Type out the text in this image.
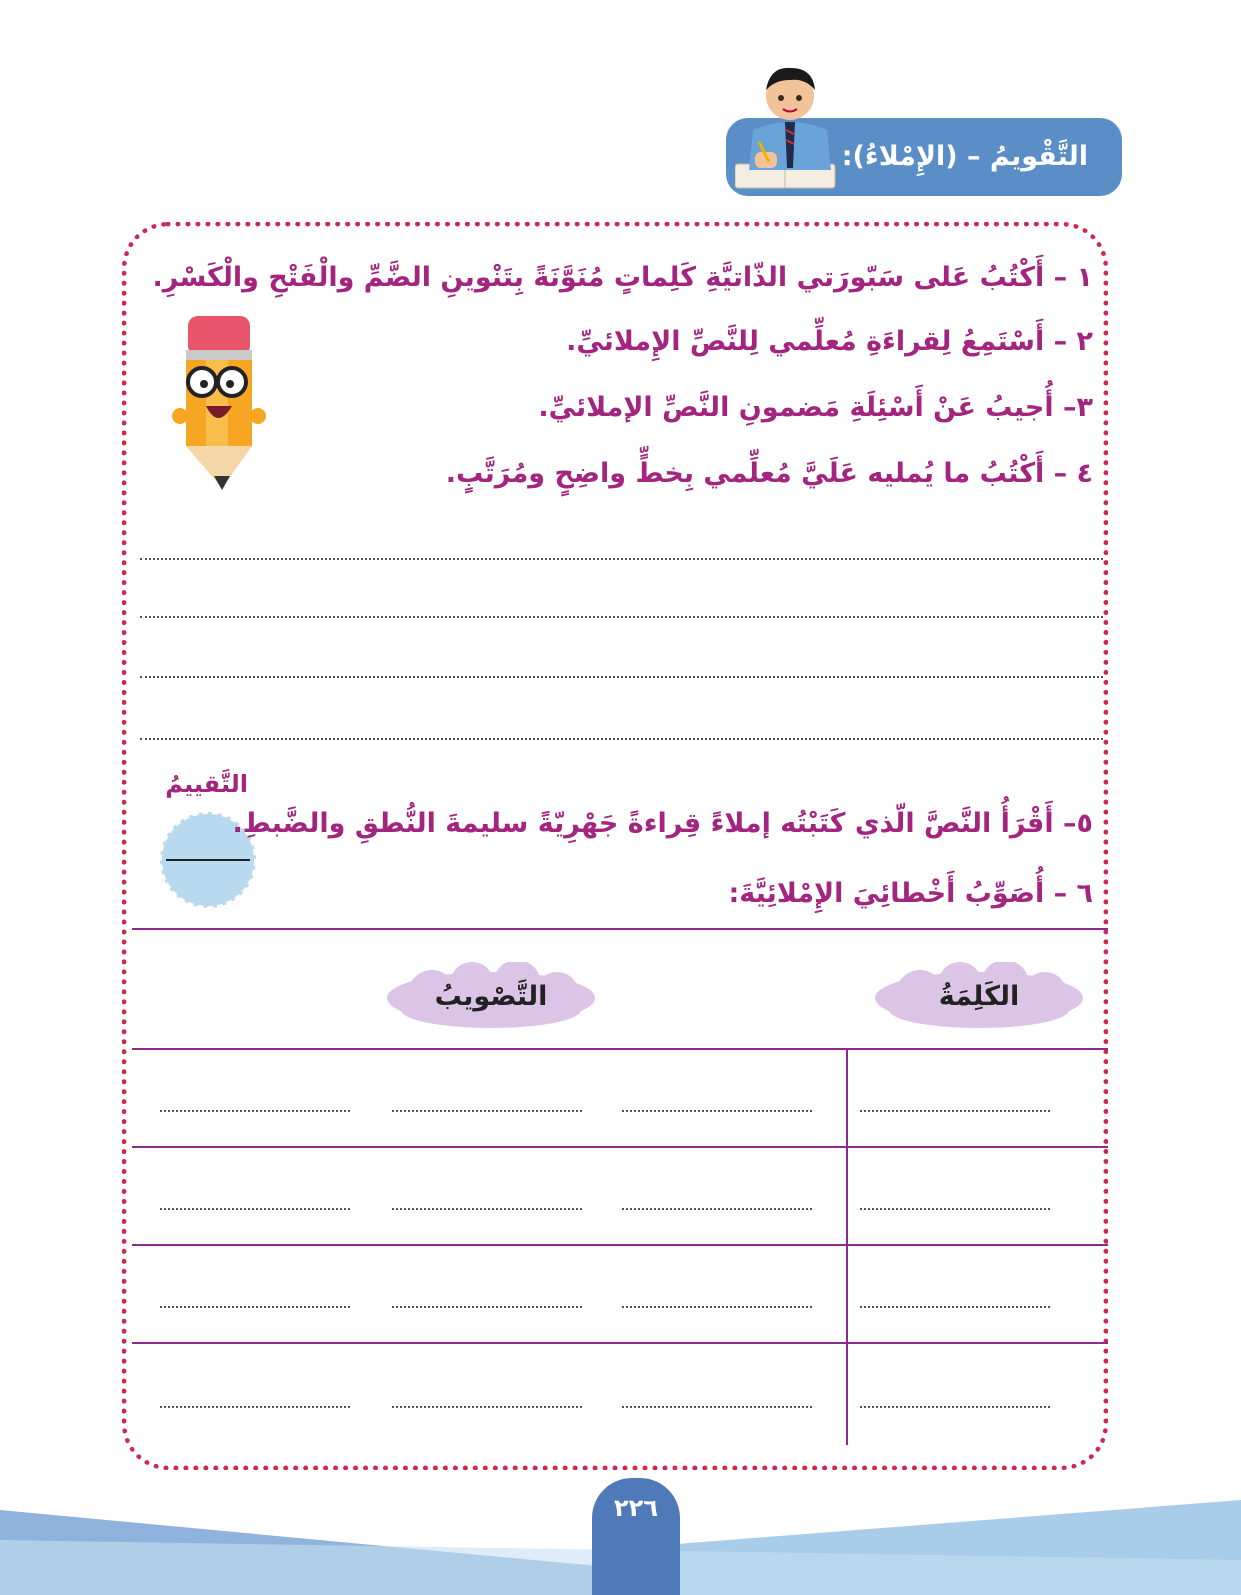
التَّقْويمُ – (الإِمْلاءُ):
١ – أَكْتُبُ عَلى سَبّورَتي الذّاتيَّةِ كَلِماتٍ مُنَوَّنَةً بِتَنْوينِ الضَّمِّ والْفَتْحِ والْكَسْرِ.
٢ – أَسْتَمِعُ لِقراءَةِ مُعلِّمي لِلنَّصِّ الإِملائيِّ.
٣– أُجيبُ عَنْ أَسْئِلَةِ مَضمونِ النَّصِّ الإملائيِّ.
٤ – أَكْتُبُ ما يُمليه عَلَيَّ مُعلِّمي بِخطٍّ واضِحٍ ومُرَتَّبٍ.
التَّقييمُ
٥– أَقْرَأُ النَّصَّ الّذي كَتَبْتُه إملاءً قِراءةً جَهْرِيّةً سليمةَ النُّطقِ والضَّبطِ.
٦ – أُصَوِّبُ أَخْطائِيَ الإِمْلائِيَّةَ:
الكَلِمَةُ
التَّصْويبُ
٢٢٦
